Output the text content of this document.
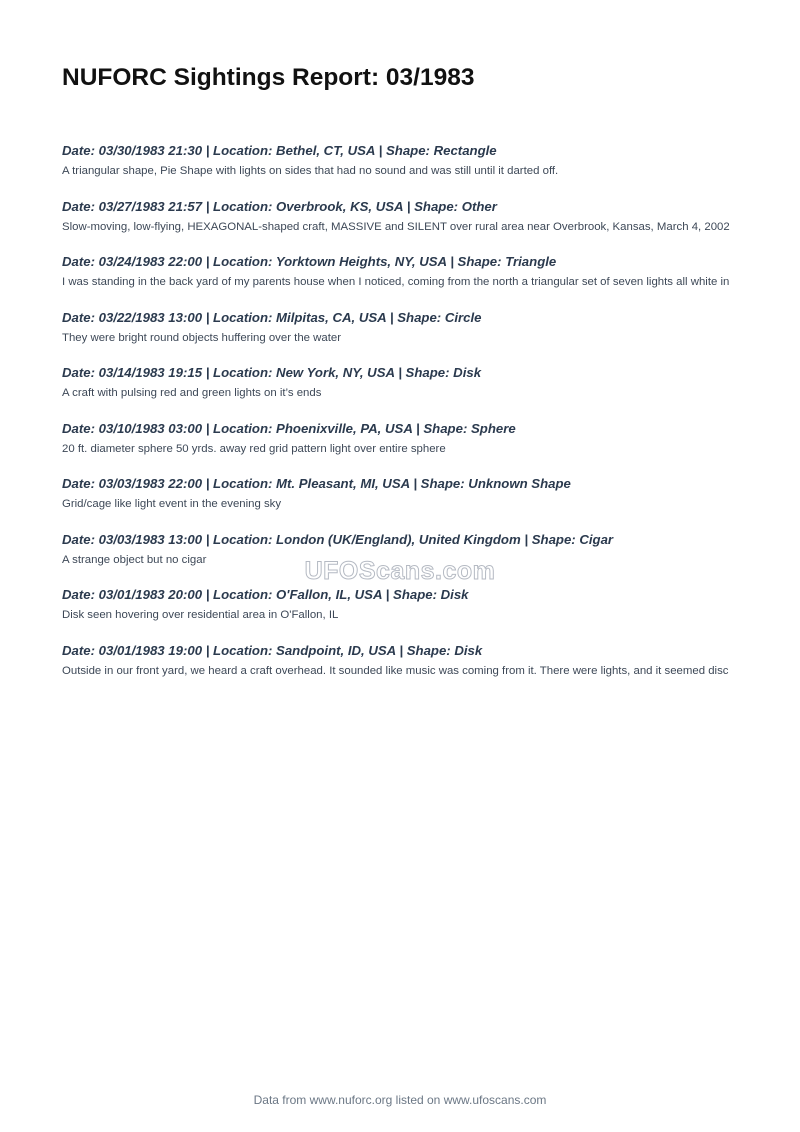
NUFORC Sightings Report: 03/1983
Date: 03/30/1983 21:30 | Location: Bethel, CT, USA | Shape: Rectangle

A triangular shape, Pie Shape with lights on sides that had no sound and was still until it darted off.

Date: 03/27/1983 21:57 | Location: Overbrook, KS, USA | Shape: Other

Slow-moving, low-flying, HEXAGONAL-shaped craft, MASSIVE and SILENT over rural area near Overbrook, Kansas, March 4, 2002

Date: 03/24/1983 22:00 | Location: Yorktown Heights, NY, USA | Shape: Triangle

I was standing in the back yard of my parents house when I noticed, coming from the north a triangular set of seven lights all white in

Date: 03/22/1983 13:00 | Location: Milpitas, CA, USA | Shape: Circle

They were bright round objects huffering over the water

Date: 03/14/1983 19:15 | Location: New York, NY, USA | Shape: Disk

A craft with pulsing red and green lights on it’s ends

Date: 03/10/1983 03:00 | Location: Phoenixville, PA, USA | Shape: Sphere

20 ft. diameter sphere 50 yrds. away red grid pattern light over entire sphere

Date: 03/03/1983 22:00 | Location: Mt. Pleasant, MI, USA | Shape: Unknown Shape

Grid/cage like light event in the evening sky

Date: 03/03/1983 13:00 | Location: London (UK/England), United Kingdom | Shape: Cigar

A strange object but no cigar

Date: 03/01/1983 20:00 | Location: O'Fallon, IL, USA | Shape: Disk

Disk seen hovering over residential area in O'Fallon, IL

Date: 03/01/1983 19:00 | Location: Sandpoint, ID, USA | Shape: Disk

Outside in our front yard, we heard a craft overhead. It sounded like music was coming from it. There were lights, and it seemed disc

UFOScans.com
Data from www.nuforc.org listed on www.ufoscans.com
